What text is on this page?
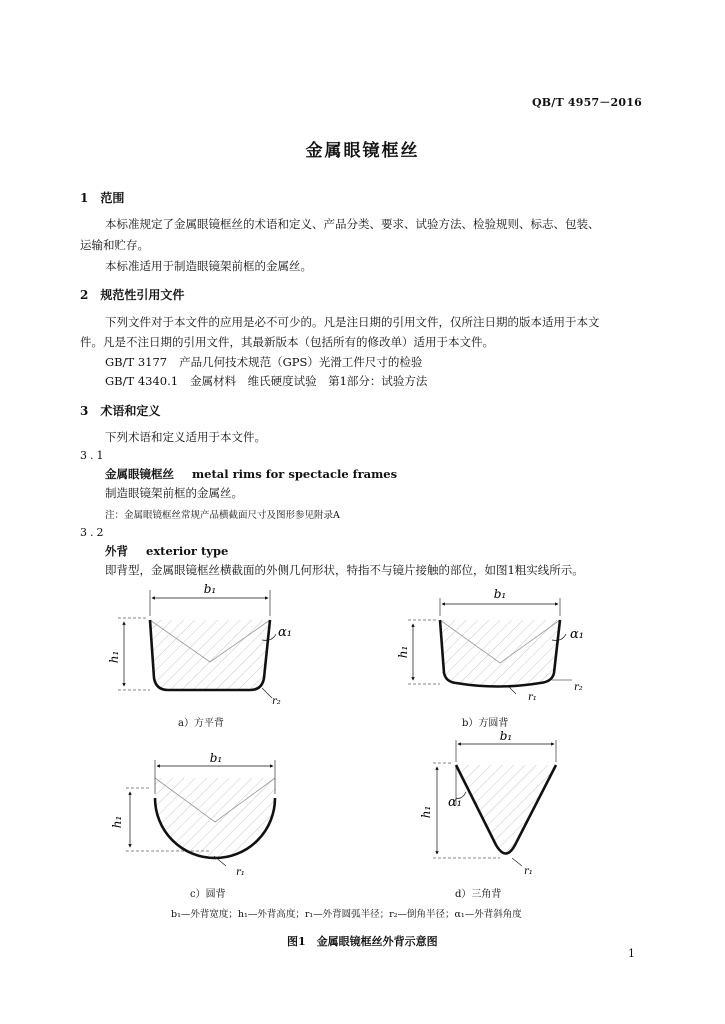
QB/T 4957－2016
金属眼镜框丝
1　范围
本标准规定了金属眼镜框丝的术语和定义、产品分类、要求、试验方法、检验规则、标志、包装、
运输和贮存。
本标准适用于制造眼镜架前框的金属丝。
2　规范性引用文件
下列文件对于本文件的应用是必不可少的。凡是注日期的引用文件，仅所注日期的版本适用于本文
件。凡是不注日期的引用文件，其最新版本（包括所有的修改单）适用于本文件。
GB/T 3177 产品几何技术规范（GPS）光滑工件尺寸的检验
GB/T 4340.1 金属材料　维氏硬度试验　第1部分：试验方法
3　术语和定义
下列术语和定义适用于本文件。
3.1
金属眼镜框丝 metal rims for spectacle frames
制造眼镜架前框的金属丝。
注：金属眼镜框丝常规产品横截面尺寸及图形参见附录A
3.2
外背 exterior type
即背型，金属眼镜框丝横截面的外侧几何形状，特指不与镜片接触的部位，如图1粗实线所示。
b₁
h₁
α₁
r₂
b₁
h₁
α₁
r₁
r₂
b₁
h₁
r₁
b₁
h₁
α₁
r₁
a）方平背	b）方圆背
c）圆背	d）三角背
b₁—外背宽度；h₁—外背高度；r₁—外背圆弧半径；r₂—倒角半径；α₁—外背斜角度
图1　金属眼镜框丝外背示意图
1
